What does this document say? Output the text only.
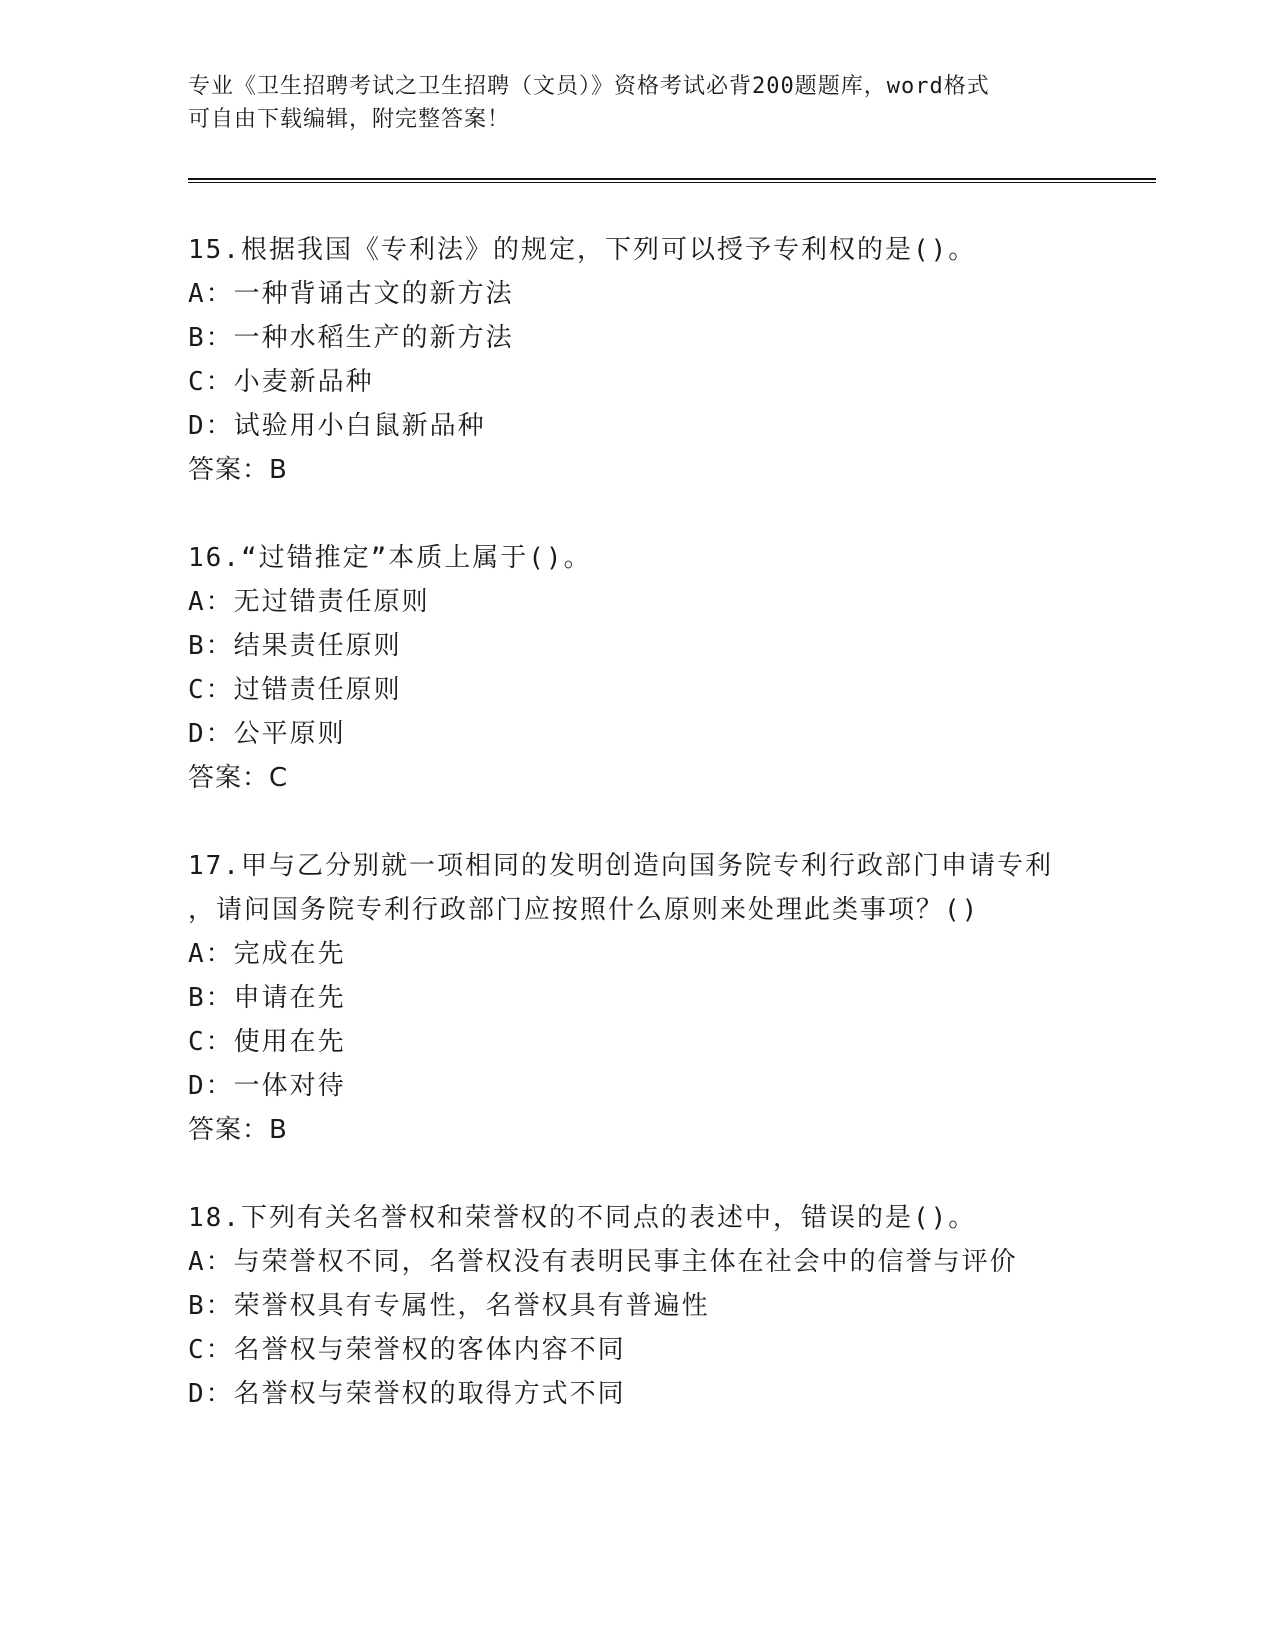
专业《卫生招聘考试之卫生招聘（文员）》资格考试必背200题题库，word格式
可自由下载编辑，附完整答案！
15.根据我国《专利法》的规定，下列可以授予专利权的是()。
A：一种背诵古文的新方法
B：一种水稻生产的新方法
C：小麦新品种
D：试验用小白鼠新品种
答案：B
16.“过错推定”本质上属于()。
A：无过错责任原则
B：结果责任原则
C：过错责任原则
D：公平原则
答案：C
17.甲与乙分别就一项相同的发明创造向国务院专利行政部门申请专利
，请问国务院专利行政部门应按照什么原则来处理此类事项？()
A：完成在先
B：申请在先
C：使用在先
D：一体对待
答案：B
18.下列有关名誉权和荣誉权的不同点的表述中，错误的是()。
A：与荣誉权不同，名誉权没有表明民事主体在社会中的信誉与评价
B：荣誉权具有专属性，名誉权具有普遍性
C：名誉权与荣誉权的客体内容不同
D：名誉权与荣誉权的取得方式不同
